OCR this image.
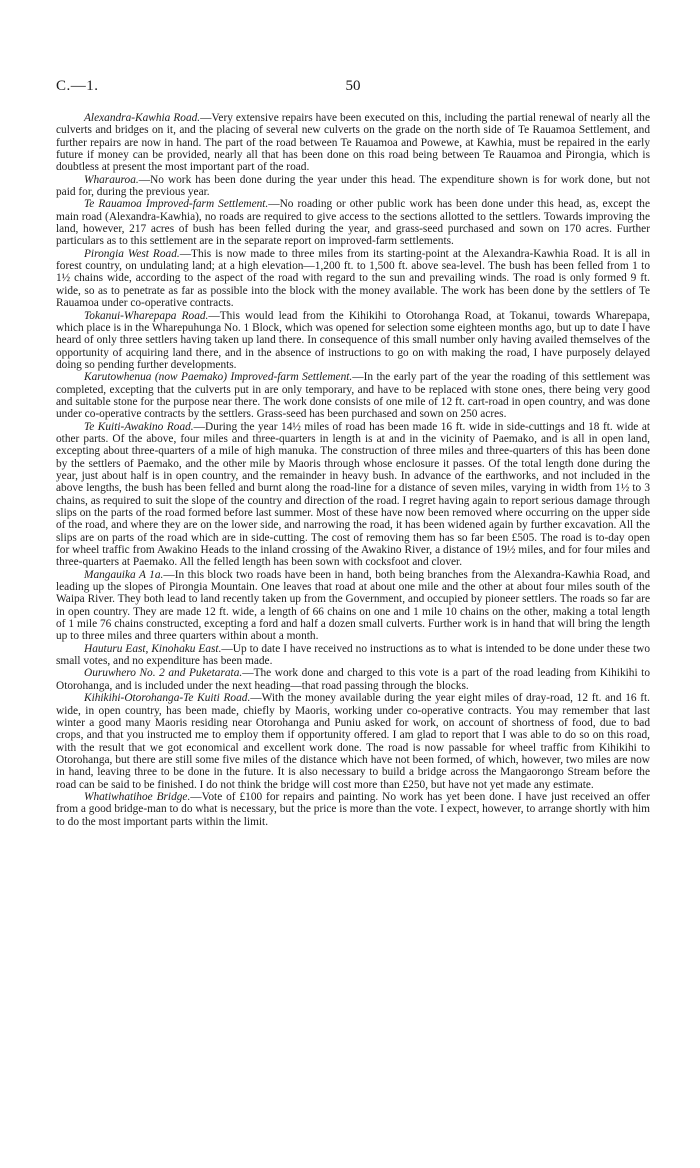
C.—1.	50

Alexandra-Kawhia Road.—Very extensive repairs have been executed on this, including the partial renewal of nearly all the culverts and bridges on it, and the placing of several new culverts on the grade on the north side of Te Rauamoa Settlement, and further repairs are now in hand. The part of the road between Te Rauamoa and Powewe, at Kawhia, must be repaired in the early future if money can be provided, nearly all that has been done on this road being between Te Rauamoa and Pirongia, which is doubtless at present the most important part of the road.

Wharauroa.—No work has been done during the year under this head. The expenditure shown is for work done, but not paid for, during the previous year.

Te Rauamoa Improved-farm Settlement.—No roading or other public work has been done under this head, as, except the main road (Alexandra-Kawhia), no roads are required to give access to the sections allotted to the settlers. Towards improving the land, however, 217 acres of bush has been felled during the year, and grass-seed purchased and sown on 170 acres. Further particulars as to this settlement are in the separate report on improved-farm settlements.

Pirongia West Road.—This is now made to three miles from its starting-point at the Alexandra-Kawhia Road. It is all in forest country, on undulating land; at a high elevation—1,200 ft. to 1,500 ft. above sea-level. The bush has been felled from 1 to 1½ chains wide, according to the aspect of the road with regard to the sun and prevailing winds. The road is only formed 9 ft. wide, so as to penetrate as far as possible into the block with the money available. The work has been done by the settlers of Te Rauamoa under co-operative contracts.

Tokanui-Wharepapa Road.—This would lead from the Kihikihi to Otorohanga Road, at Tokanui, towards Wharepapa, which place is in the Wharepuhunga No. 1 Block, which was opened for selection some eighteen months ago, but up to date I have heard of only three settlers having taken up land there. In consequence of this small number only having availed themselves of the opportunity of acquiring land there, and in the absence of instructions to go on with making the road, I have purposely delayed doing so pending further developments.

Karutowhenua (now Paemako) Improved-farm Settlement.—In the early part of the year the roading of this settlement was completed, excepting that the culverts put in are only temporary, and have to be replaced with stone ones, there being very good and suitable stone for the purpose near there. The work done consists of one mile of 12 ft. cart-road in open country, and was done under co-operative contracts by the settlers. Grass-seed has been purchased and sown on 250 acres.

Te Kuiti-Awakino Road.—During the year 14½ miles of road has been made 16 ft. wide in side-cuttings and 18 ft. wide at other parts. Of the above, four miles and three-quarters in length is at and in the vicinity of Paemako, and is all in open land, excepting about three-quarters of a mile of high manuka. The construction of three miles and three-quarters of this has been done by the settlers of Paemako, and the other mile by Maoris through whose enclosure it passes. Of the total length done during the year, just about half is in open country, and the remainder in heavy bush. In advance of the earthworks, and not included in the above lengths, the bush has been felled and burnt along the road-line for a distance of seven miles, varying in width from 1½ to 3 chains, as required to suit the slope of the country and direction of the road. I regret having again to report serious damage through slips on the parts of the road formed before last summer. Most of these have now been removed where occurring on the upper side of the road, and where they are on the lower side, and narrowing the road, it has been widened again by further excavation. All the slips are on parts of the road which are in side-cutting. The cost of removing them has so far been £505. The road is to-day open for wheel traffic from Awakino Heads to the inland crossing of the Awakino River, a distance of 19½ miles, and for four miles and three-quarters at Paemako. All the felled length has been sown with cocksfoot and clover.

Mangauika A 1a.—In this block two roads have been in hand, both being branches from the Alexandra-Kawhia Road, and leading up the slopes of Pirongia Mountain. One leaves that road at about one mile and the other at about four miles south of the Waipa River. They both lead to land recently taken up from the Government, and occupied by pioneer settlers. The roads so far are in open country. They are made 12 ft. wide, a length of 66 chains on one and 1 mile 10 chains on the other, making a total length of 1 mile 76 chains constructed, excepting a ford and half a dozen small culverts. Further work is in hand that will bring the length up to three miles and three quarters within about a month.

Hauturu East, Kinohaku East.—Up to date I have received no instructions as to what is intended to be done under these two small votes, and no expenditure has been made.

Ouruwhero No. 2 and Puketarata.—The work done and charged to this vote is a part of the road leading from Kihikihi to Otorohanga, and is included under the next heading—that road passing through the blocks.

Kihikihi-Otorohanga-Te Kuiti Road.—With the money available during the year eight miles of dray-road, 12 ft. and 16 ft. wide, in open country, has been made, chiefly by Maoris, working under co-operative contracts. You may remember that last winter a good many Maoris residing near Otorohanga and Puniu asked for work, on account of shortness of food, due to bad crops, and that you instructed me to employ them if opportunity offered. I am glad to report that I was able to do so on this road, with the result that we got economical and excellent work done. The road is now passable for wheel traffic from Kihikihi to Otorohanga, but there are still some five miles of the distance which have not been formed, of which, however, two miles are now in hand, leaving three to be done in the future. It is also necessary to build a bridge across the Mangaorongo Stream before the road can be said to be finished. I do not think the bridge will cost more than £250, but have not yet made any estimate.

Whatiwhatihoe Bridge.—Vote of £100 for repairs and painting. No work has yet been done. I have just received an offer from a good bridge-man to do what is necessary, but the price is more than the vote. I expect, however, to arrange shortly with him to do the most important parts within the limit.
